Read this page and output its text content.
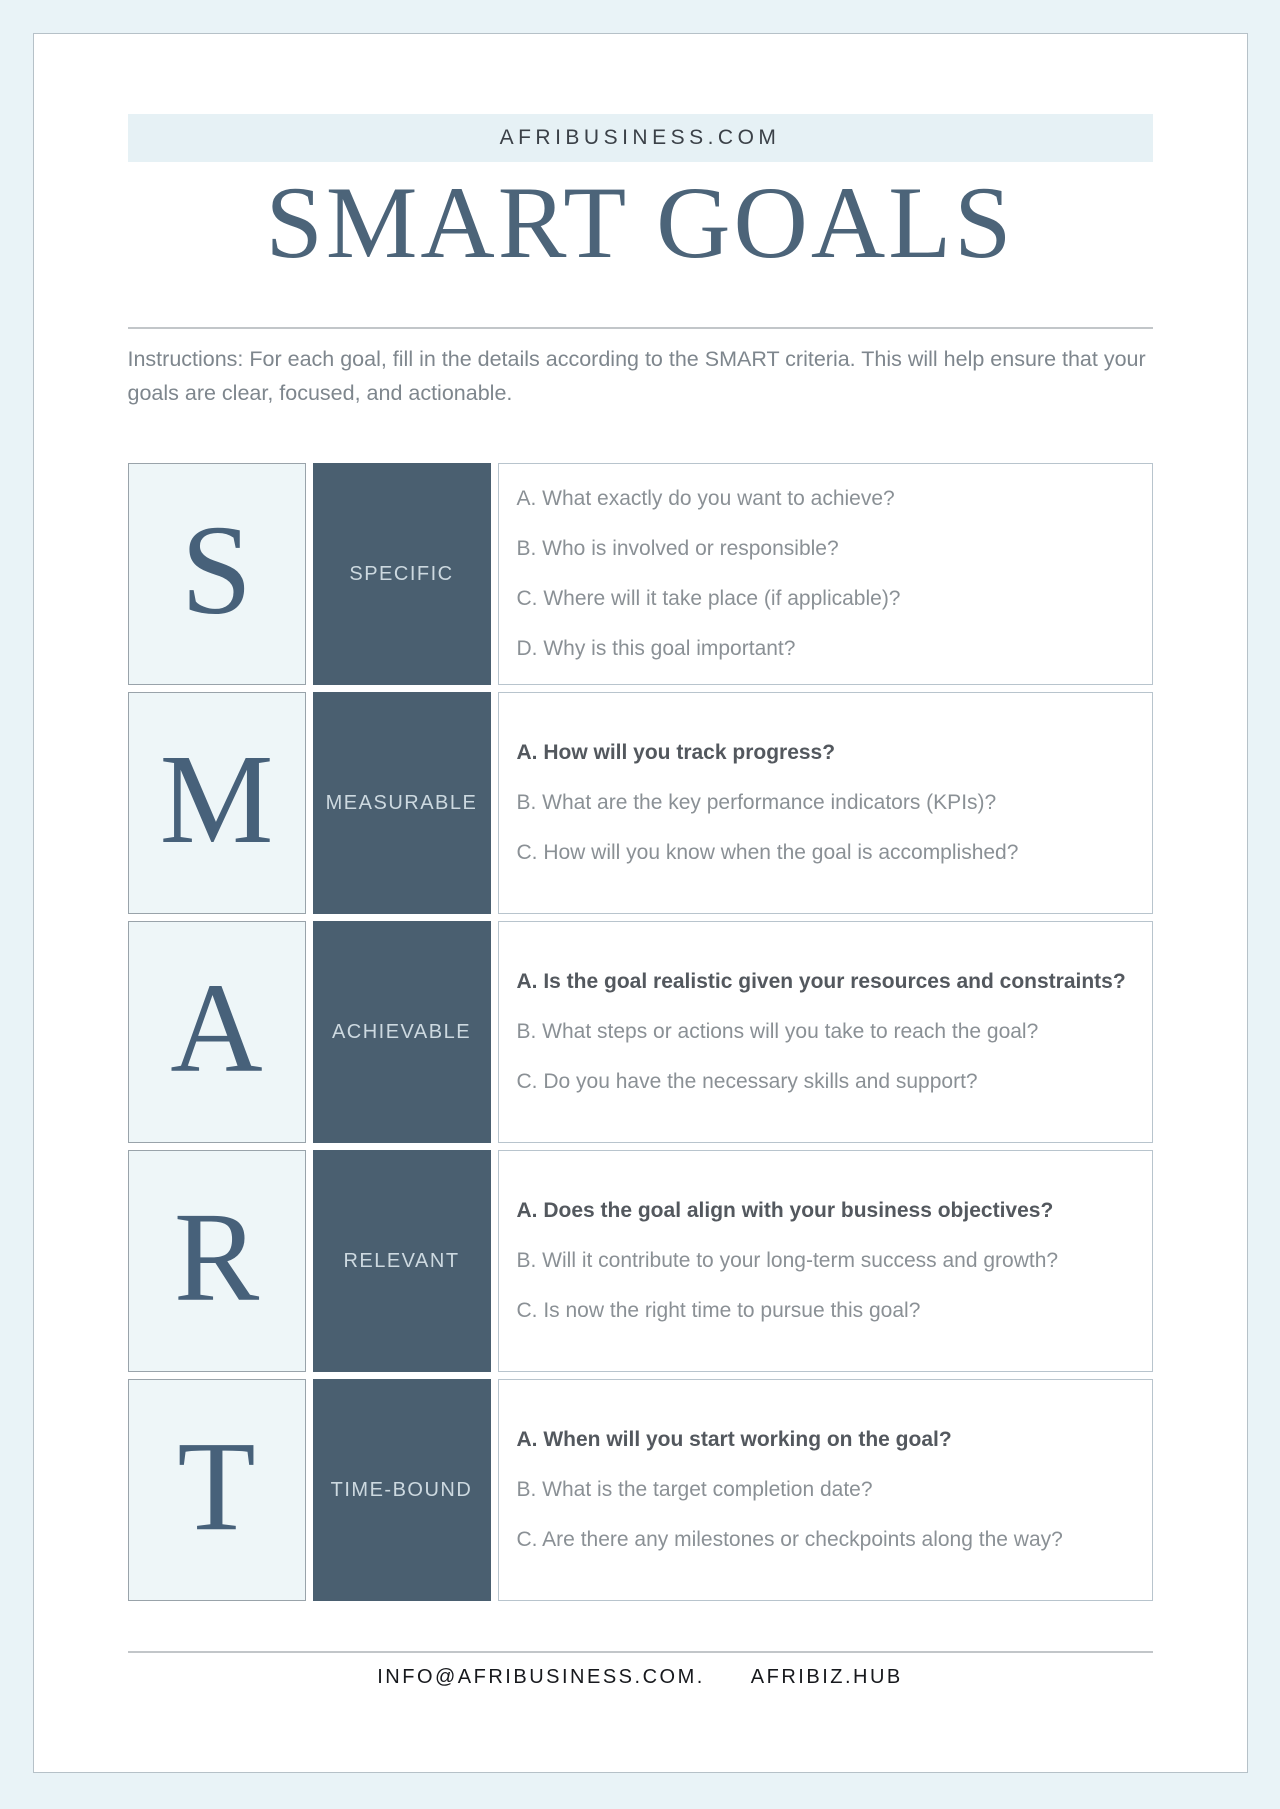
AFRIBUSINESS.COM
SMART GOALS

Instructions: For each goal, fill in the details according to the SMART criteria. This will help ensure that your goals are clear, focused, and actionable.

S	SPECIFIC

A. What exactly do you want to achieve?

B. Who is involved or responsible?

C. Where will it take place (if applicable)?

D. Why is this goal important?

M	MEASURABLE

A. How will you track progress?

B. What are the key performance indicators (KPIs)?

C. How will you know when the goal is accomplished?

A	ACHIEVABLE

A. Is the goal realistic given your resources and constraints?

B. What steps or actions will you take to reach the goal?

C. Do you have the necessary skills and support?

R	RELEVANT

A. Does the goal align with your business objectives?

B. Will it contribute to your long-term success and growth?

C. Is now the right time to pursue this goal?

T	TIME-BOUND

A. When will you start working on the goal?

B. What is the target completion date?

C. Are there any milestones or checkpoints along the way?

INFO@AFRIBUSINESS.COM. AFRIBIZ.HUB
